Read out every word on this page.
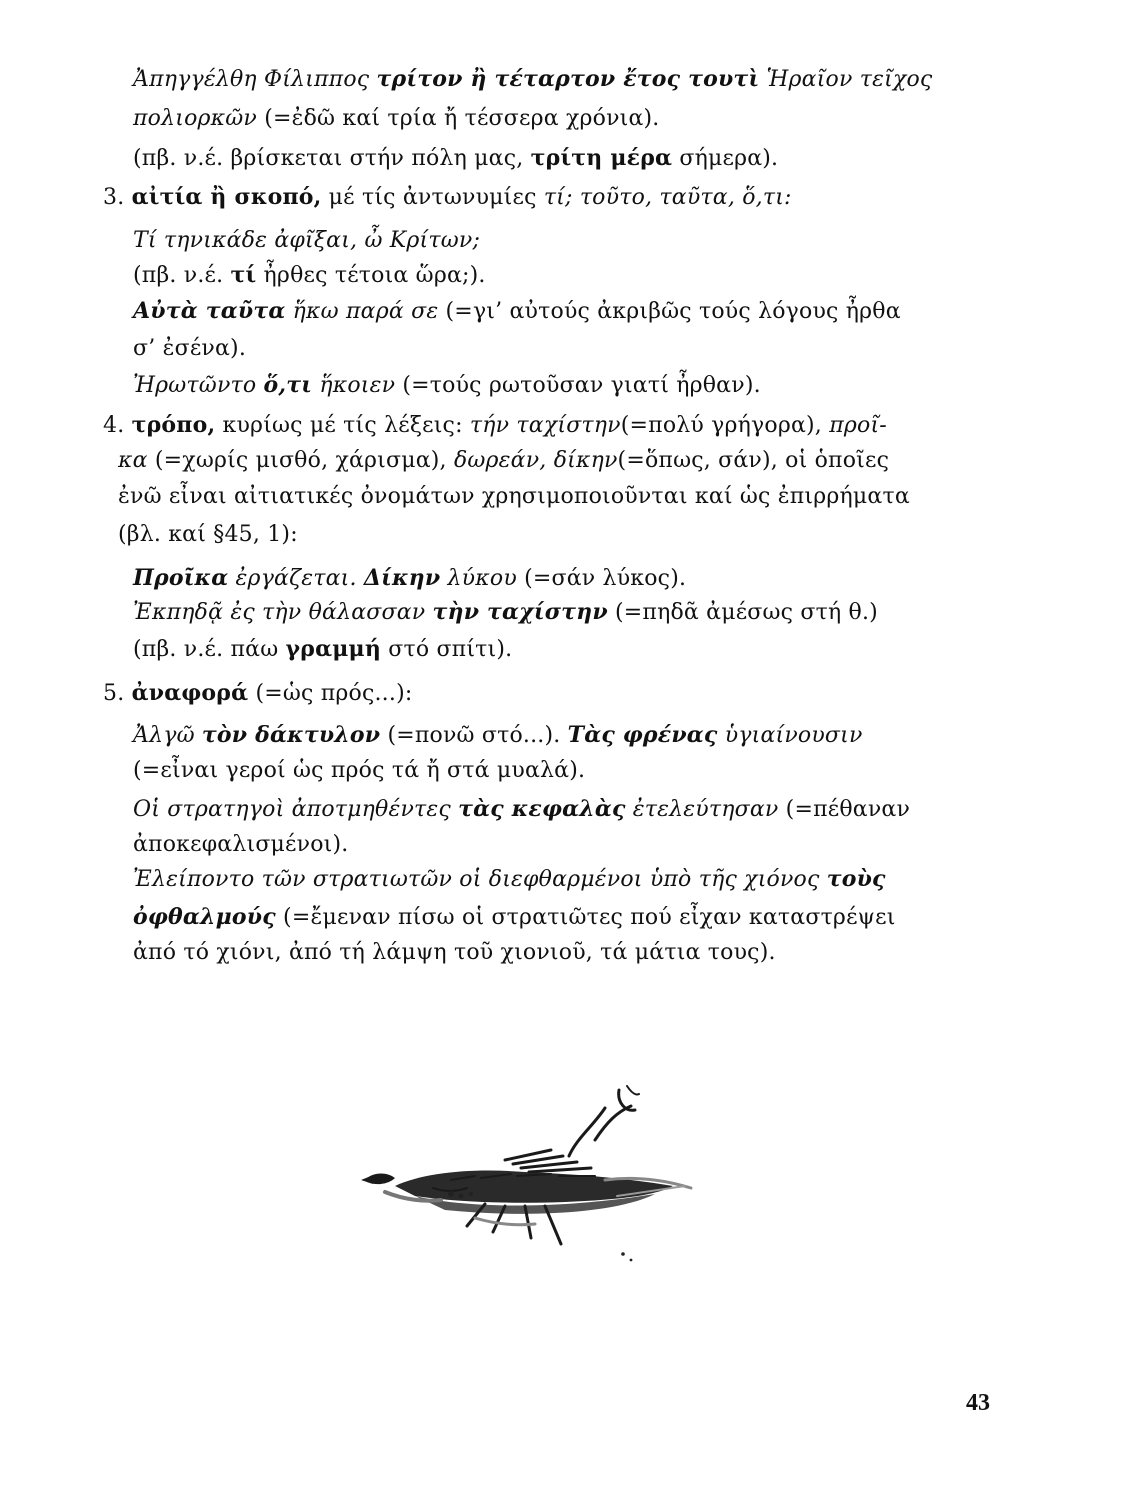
Ἀπηγγέλθη Φίλιππος τρίτον ἢ τέταρτον ἔτος τουτὶ Ἡραῖον τεῖχος
πολιορκῶν (=ἐδῶ καί τρία ἤ τέσσερα χρόνια).
(πβ. ν.έ. βρίσκεται στήν πόλη μας, τρίτη μέρα σήμερα).
3. αἰτία ἢ σκοπό, μέ τίς ἀντωνυμίες τί; τοῦτο, ταῦτα, ὅ,τι:
Τί τηνικάδε ἀφῖξαι, ὦ Κρίτων;
(πβ. ν.έ. τί ἦρθες τέτοια ὥρα;).
Αὐτὰ ταῦτα ἥκω παρά σε (=γι’ αὐτούς ἀκριβῶς τούς λόγους ἦρθα
σ’ ἐσένα).
Ἠρωτῶντο ὅ,τι ἥκοιεν (=τούς ρωτοῦσαν γιατί ἦρθαν).
4. τρόπο, κυρίως μέ τίς λέξεις: τήν ταχίστην(=πολύ γρήγορα), προῖ-
κα (=χωρίς μισθό, χάρισμα), δωρεάν, δίκην(=ὅπως, σάν), οἱ ὁποῖες
ἐνῶ εἶναι αἰτιατικές ὀνομάτων χρησιμοποιοῦνται καί ὡς ἐπιρρήματα
(βλ. καί §45, 1):
Προῖκα ἐργάζεται. Δίκην λύκου (=σάν λύκος).
Ἐκπηδᾷ ἐς τὴν θάλασσαν τὴν ταχίστην (=πηδᾶ ἀμέσως στή θ.)
(πβ. ν.έ. πάω γραμμή στό σπίτι).
5. ἀναφορά (=ὡς πρός...):
Ἀλγῶ τὸν δάκτυλον (=πονῶ στό...). Τὰς φρένας ὑγιαίνουσιν
(=εἶναι γεροί ὡς πρός τά ἤ στά μυαλά).
Οἱ στρατηγοὶ ἀποτμηθέντες τὰς κεφαλὰς ἐτελεύτησαν (=πέθαναν
ἀποκεφαλισμένοι).
Ἐλείποντο τῶν στρατιωτῶν οἱ διεφθαρμένοι ὑπὸ τῆς χιόνος τοὺς
ὀφθαλμούς (=ἔμεναν πίσω οἱ στρατιῶτες πού εἶχαν καταστρέψει
ἀπό τό χιόνι, ἀπό τή λάμψη τοῦ χιονιοῦ, τά μάτια τους).
43
